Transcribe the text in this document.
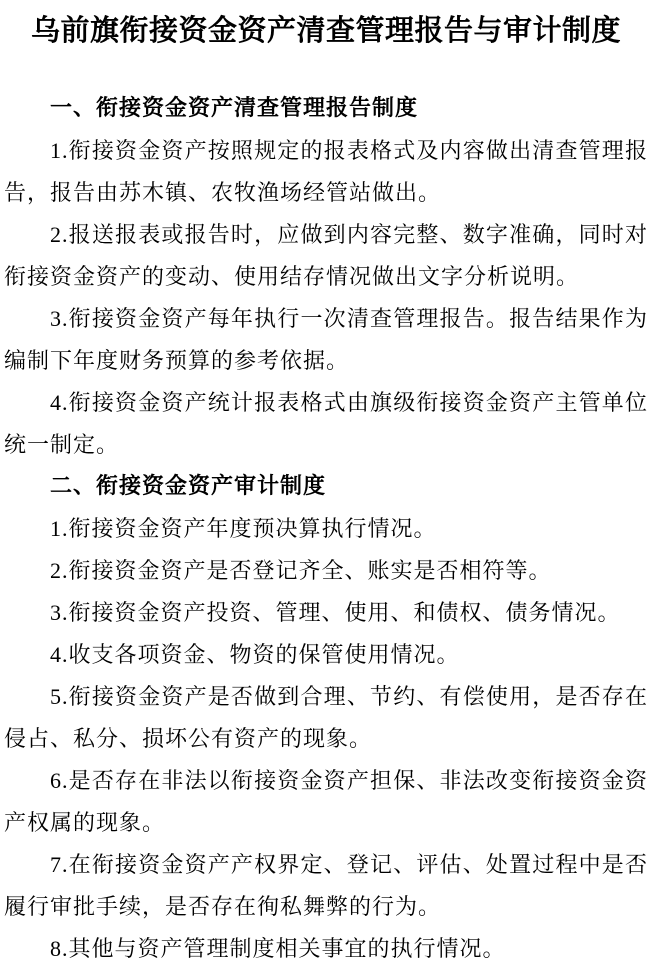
乌前旗衔接资金资产清查管理报告与审计制度
一、衔接资金资产清查管理报告制度

1.衔接资金资产按照规定的报表格式及内容做出清查管理报告，报告由苏木镇、农牧渔场经管站做出。

2.报送报表或报告时，应做到内容完整、数字准确，同时对衔接资金资产的变动、使用结存情况做出文字分析说明。

3.衔接资金资产每年执行一次清查管理报告。报告结果作为编制下年度财务预算的参考依据。

4.衔接资金资产统计报表格式由旗级衔接资金资产主管单位统一制定。

二、衔接资金资产审计制度

1.衔接资金资产年度预决算执行情况。

2.衔接资金资产是否登记齐全、账实是否相符等。

3.衔接资金资产投资、管理、使用、和债权、债务情况。

4.收支各项资金、物资的保管使用情况。

5.衔接资金资产是否做到合理、节约、有偿使用，是否存在侵占、私分、损坏公有资产的现象。

6.是否存在非法以衔接资金资产担保、非法改变衔接资金资产权属的现象。

7.在衔接资金资产产权界定、登记、评估、处置过程中是否履行审批手续，是否存在徇私舞弊的行为。

8.其他与资产管理制度相关事宜的执行情况。
